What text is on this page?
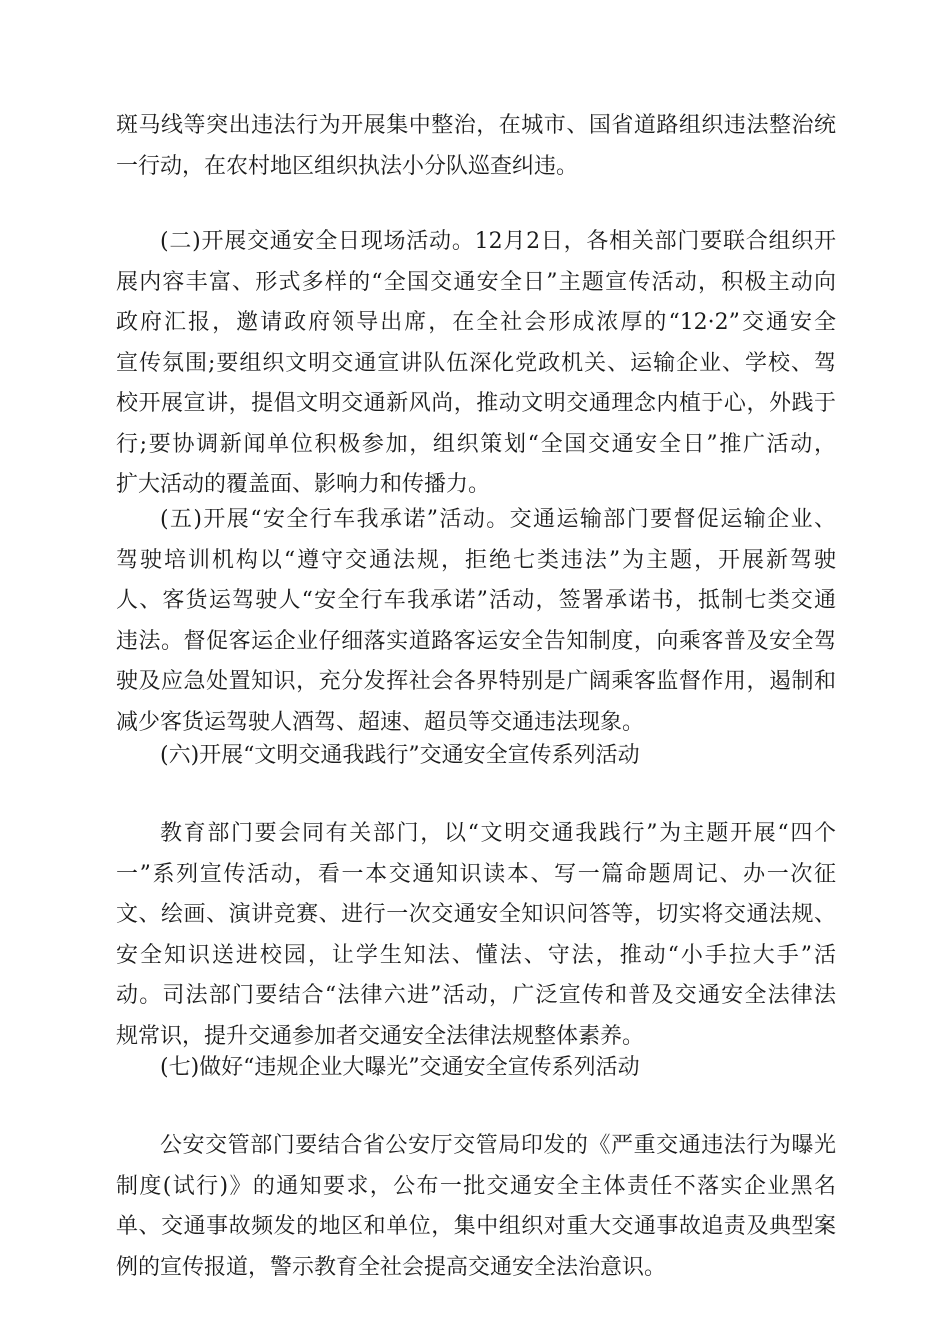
斑马线等突出违法行为开展集中整治，在城市、国省道路组织违法整治统
一行动，在农村地区组织执法小分队巡查纠违。
(二)开展交通安全日现场活动。12月2日，各相关部门要联合组织开
展内容丰富、形式多样的“全国交通安全日”主题宣传活动，积极主动向
政府汇报，邀请政府领导出席，在全社会形成浓厚的“12·2”交通安全
宣传氛围;要组织文明交通宣讲队伍深化党政机关、运输企业、学校、驾
校开展宣讲，提倡文明交通新风尚，推动文明交通理念内植于心，外践于
行;要协调新闻单位积极参加，组织策划“全国交通安全日”推广活动，
扩大活动的覆盖面、影响力和传播力。
(五)开展“安全行车我承诺”活动。交通运输部门要督促运输企业、
驾驶培训机构以“遵守交通法规，拒绝七类违法”为主题，开展新驾驶
人、客货运驾驶人“安全行车我承诺”活动，签署承诺书，抵制七类交通
违法。督促客运企业仔细落实道路客运安全告知制度，向乘客普及安全驾
驶及应急处置知识，充分发挥社会各界特别是广阔乘客监督作用，遏制和
减少客货运驾驶人酒驾、超速、超员等交通违法现象。
(六)开展“文明交通我践行”交通安全宣传系列活动
教育部门要会同有关部门，以“文明交通我践行”为主题开展“四个
一”系列宣传活动，看一本交通知识读本、写一篇命题周记、办一次征
文、绘画、演讲竞赛、进行一次交通安全知识问答等，切实将交通法规、
安全知识送进校园，让学生知法、懂法、守法，推动“小手拉大手”活
动。司法部门要结合“法律六进”活动，广泛宣传和普及交通安全法律法
规常识，提升交通参加者交通安全法律法规整体素养。
(七)做好“违规企业大曝光”交通安全宣传系列活动
公安交管部门要结合省公安厅交管局印发的《严重交通违法行为曝光
制度(试行)》的通知要求，公布一批交通安全主体责任不落实企业黑名
单、交通事故频发的地区和单位，集中组织对重大交通事故追责及典型案
例的宣传报道，警示教育全社会提高交通安全法治意识。
